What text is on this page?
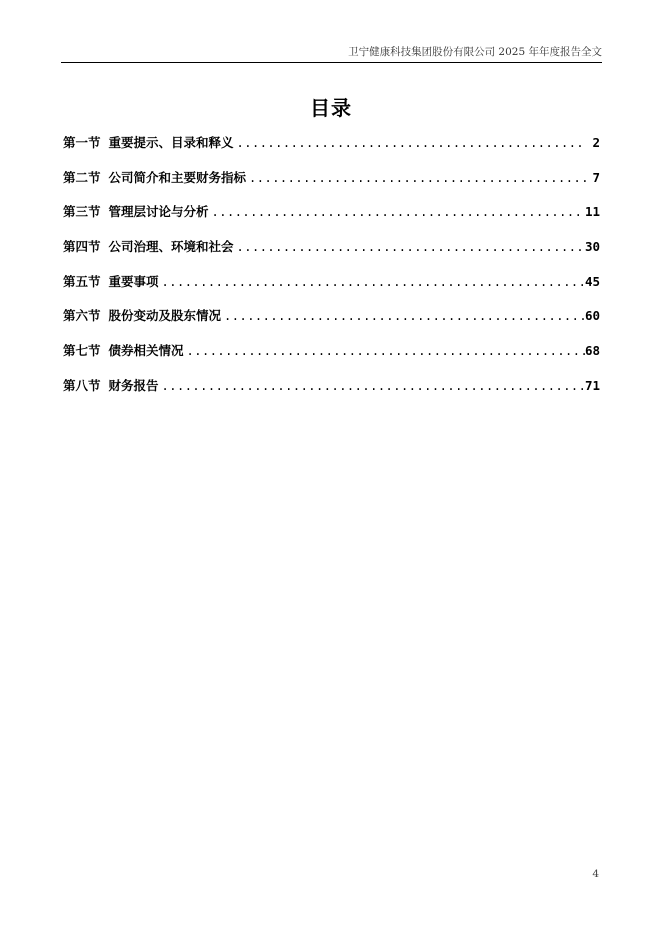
卫宁健康科技集团股份有限公司 2025 年年度报告全文
目录
第一节 重要提示、目录和释义 .....	2
第二节 公司简介和主要财务指标 .....	7
第三节 管理层讨论与分析 .....	11
第四节 公司治理、环境和社会 .....	30
第五节 重要事项 .....	45
第六节 股份变动及股东情况 .....	60
第七节 债券相关情况 .....	68
第八节 财务报告 .....	71
4
